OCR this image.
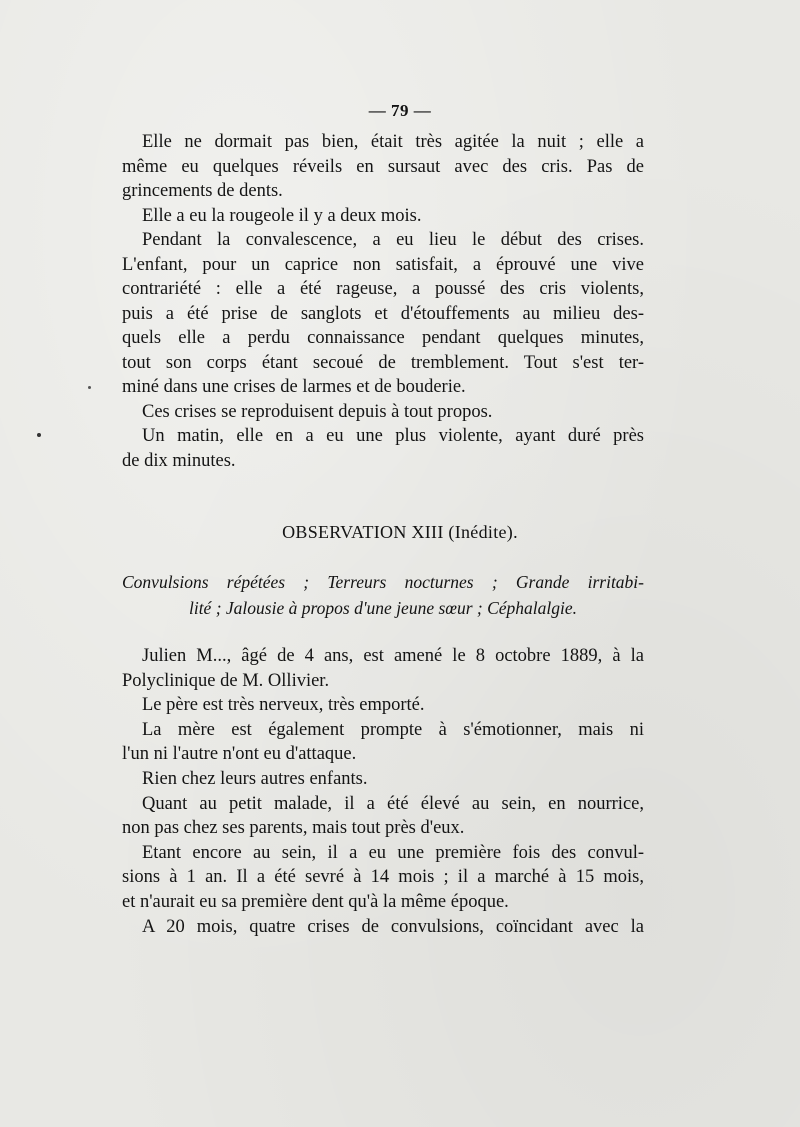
— 79 —
Elle ne dormait pas bien, était très agitée la nuit ; elle a
même eu quelques réveils en sursaut avec des cris. Pas de
grincements de dents.
Elle a eu la rougeole il y a deux mois.
Pendant la convalescence, a eu lieu le début des crises.
L'enfant, pour un caprice non satisfait, a éprouvé une vive
contrariété : elle a été rageuse, a poussé des cris violents,
puis a été prise de sanglots et d'étouffements au milieu des-
quels elle a perdu connaissance pendant quelques minutes,
tout son corps étant secoué de tremblement. Tout s'est ter-
miné dans une crises de larmes et de bouderie.
Ces crises se reproduisent depuis à tout propos.
Un matin, elle en a eu une plus violente, ayant duré près
de dix minutes.
OBSERVATION XIII (Inédite).
Convulsions répétées ; Terreurs nocturnes ; Grande irritabi-
lité ; Jalousie à propos d'une jeune sœur ; Céphalalgie.
Julien M..., âgé de 4 ans, est amené le 8 octobre 1889, à la
Polyclinique de M. Ollivier.
Le père est très nerveux, très emporté.
La mère est également prompte à s'émotionner, mais ni
l'un ni l'autre n'ont eu d'attaque.
Rien chez leurs autres enfants.
Quant au petit malade, il a été élevé au sein, en nourrice,
non pas chez ses parents, mais tout près d'eux.
Etant encore au sein, il a eu une première fois des convul-
sions à 1 an. Il a été sevré à 14 mois ; il a marché à 15 mois,
et n'aurait eu sa première dent qu'à la même époque.
A 20 mois, quatre crises de convulsions, coïncidant avec la
